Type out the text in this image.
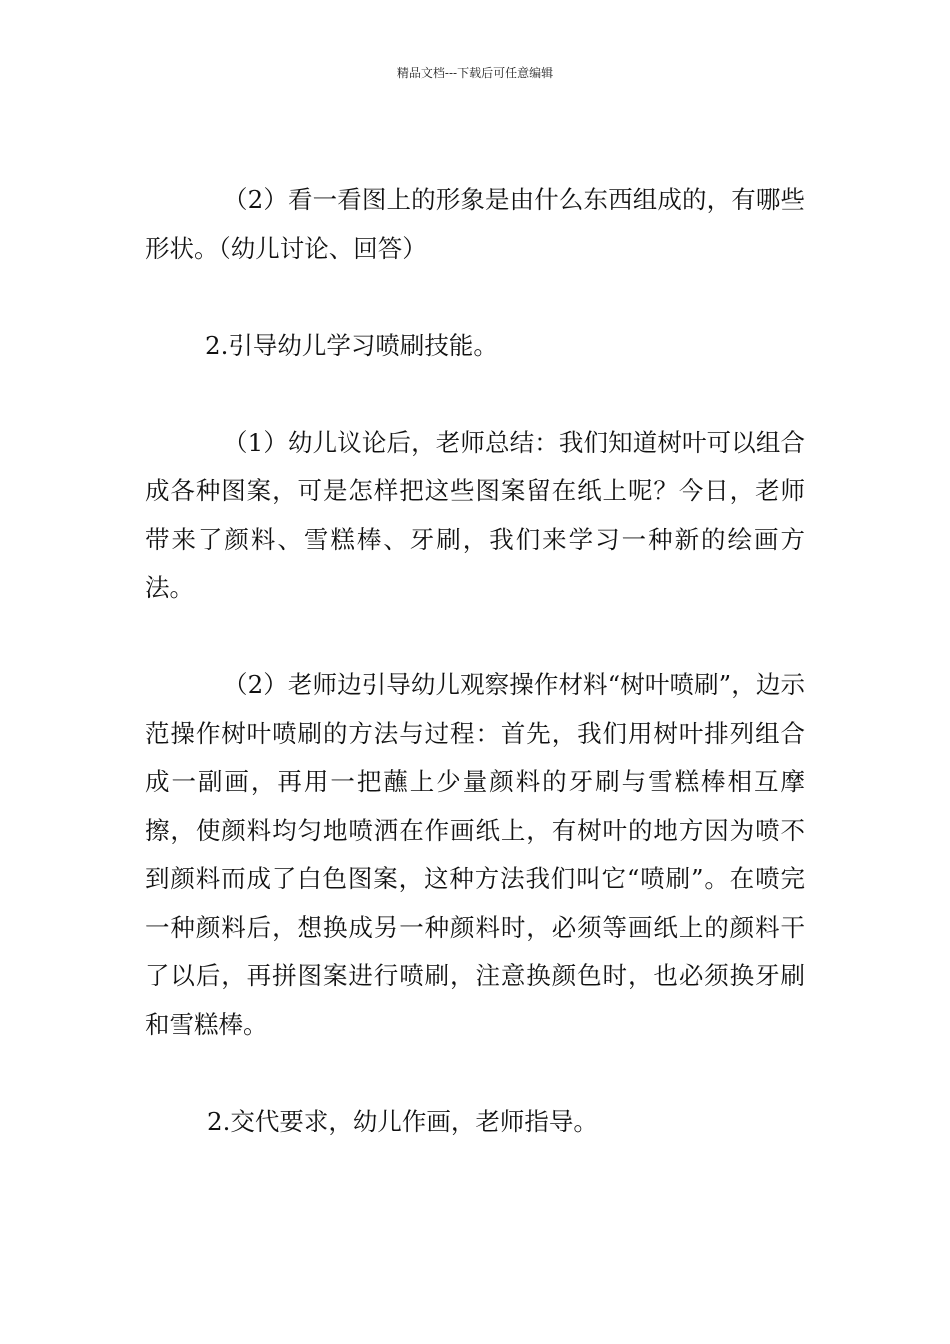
精品文档---下载后可任意编辑

（2）看一看图上的形象是由什么东西组成的，有哪些形状。（幼儿讨论、回答）

2.引导幼儿学习喷刷技能。

（1）幼儿议论后，老师总结：我们知道树叶可以组合成各种图案，可是怎样把这些图案留在纸上呢？今日，老师带来了颜料、雪糕棒、牙刷，我们来学习一种新的绘画方法。

（2）老师边引导幼儿观察操作材料“树叶喷刷”，边示范操作树叶喷刷的方法与过程：首先，我们用树叶排列组合成一副画，再用一把蘸上少量颜料的牙刷与雪糕棒相互摩擦，使颜料均匀地喷洒在作画纸上，有树叶的地方因为喷不到颜料而成了白色图案，这种方法我们叫它“喷刷”。在喷完一种颜料后，想换成另一种颜料时，必须等画纸上的颜料干了以后，再拼图案进行喷刷，注意换颜色时，也必须换牙刷和雪糕棒。

2.交代要求，幼儿作画，老师指导。
